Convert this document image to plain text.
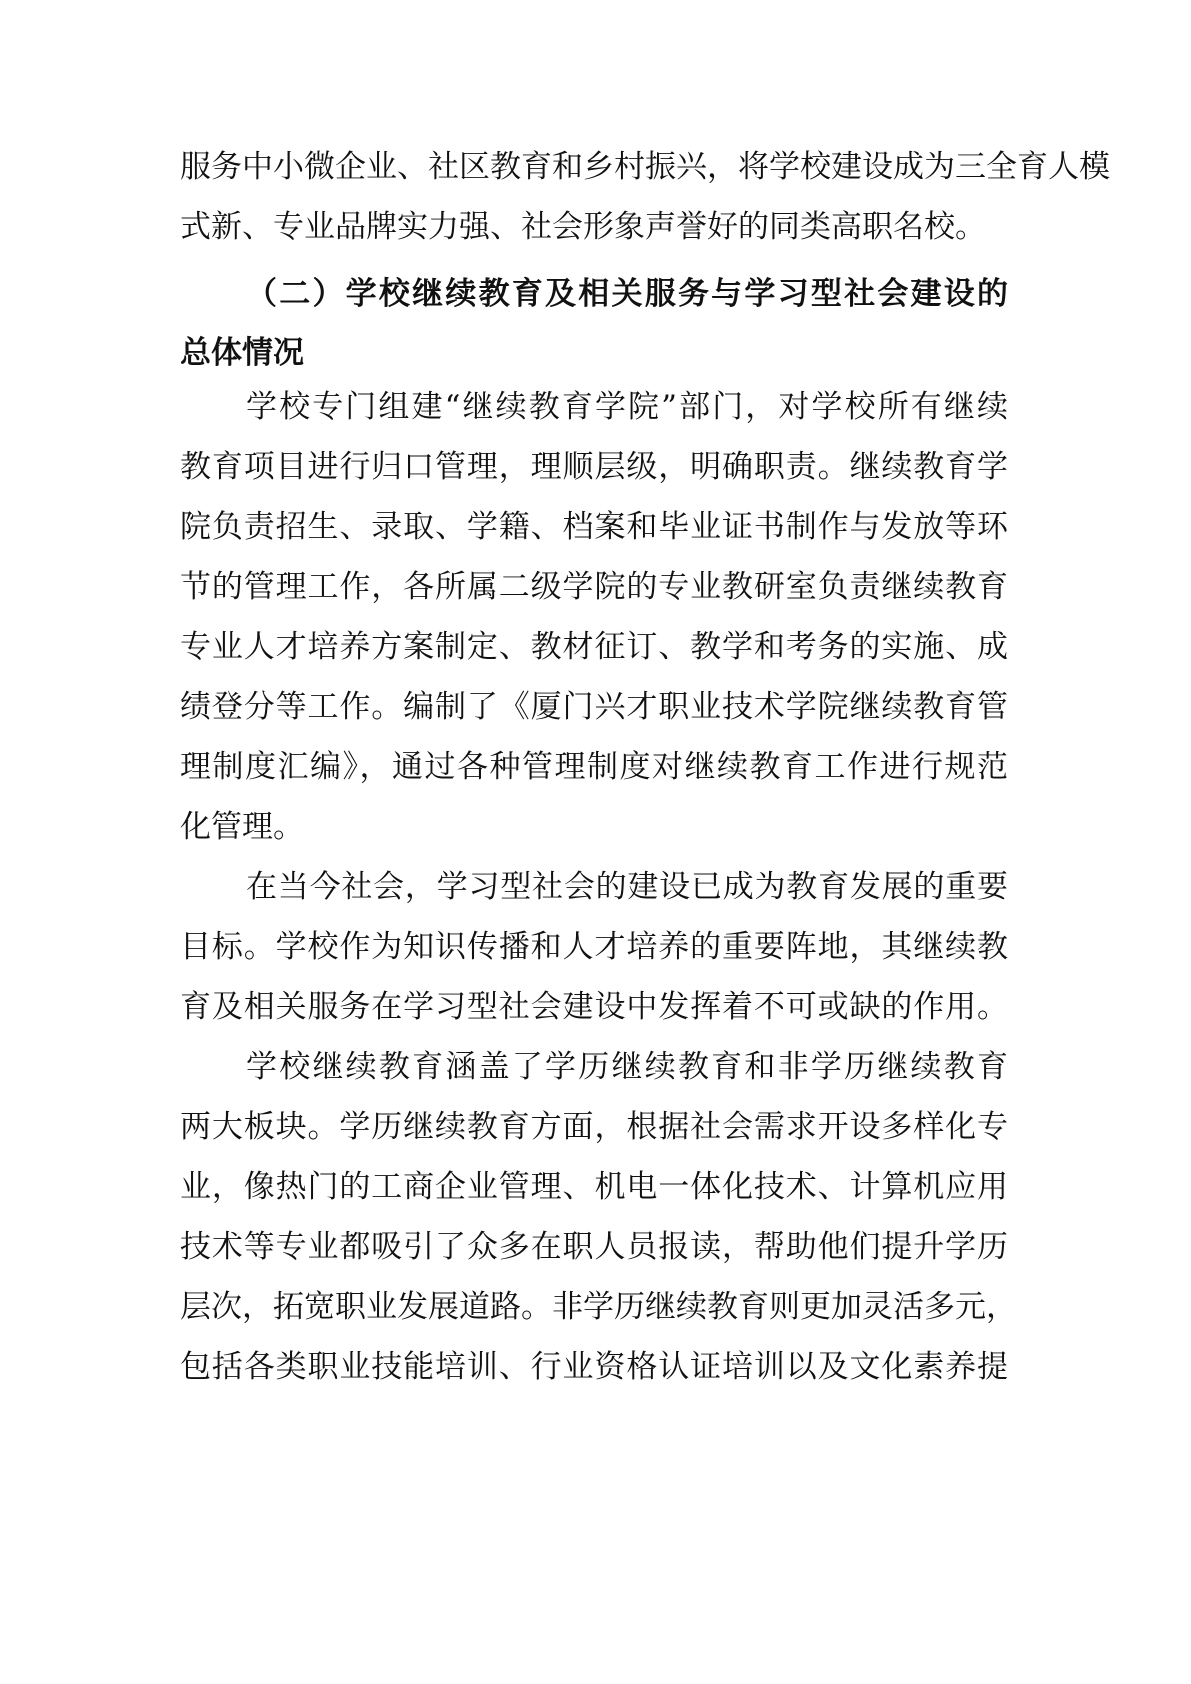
服务中小微企业、社区教育和乡村振兴，将学校建设成为三全育人模
式新、专业品牌实力强、社会形象声誉好的同类高职名校。
（二）学校继续教育及相关服务与学习型社会建设的
总体情况
学校专门组建“继续教育学院”部门，对学校所有继续
教育项目进行归口管理，理顺层级，明确职责。继续教育学
院负责招生、录取、学籍、档案和毕业证书制作与发放等环
节的管理工作，各所属二级学院的专业教研室负责继续教育
专业人才培养方案制定、教材征订、教学和考务的实施、成
绩登分等工作。编制了《厦门兴才职业技术学院继续教育管
理制度汇编》，通过各种管理制度对继续教育工作进行规范
化管理。
在当今社会，学习型社会的建设已成为教育发展的重要
目标。学校作为知识传播和人才培养的重要阵地，其继续教
育及相关服务在学习型社会建设中发挥着不可或缺的作用。
学校继续教育涵盖了学历继续教育和非学历继续教育
两大板块。学历继续教育方面，根据社会需求开设多样化专
业，像热门的工商企业管理、机电一体化技术、计算机应用
技术等专业都吸引了众多在职人员报读，帮助他们提升学历
层次，拓宽职业发展道路。非学历继续教育则更加灵活多元，
包括各类职业技能培训、行业资格认证培训以及文化素养提
